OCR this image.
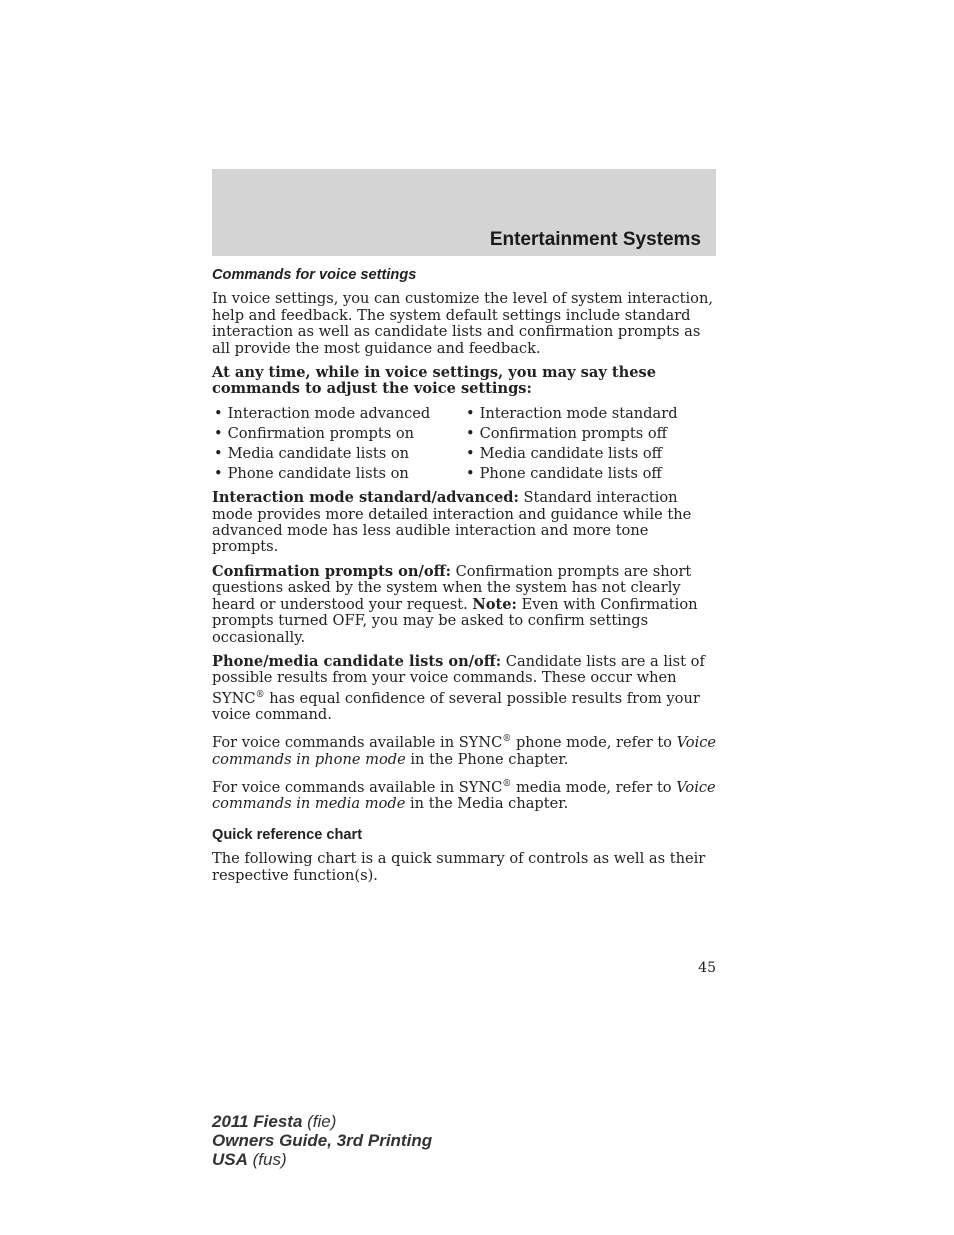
Entertainment Systems
Commands for voice settings

In voice settings, you can customize the level of system interaction, help and feedback. The system default settings include standard interaction as well as candidate lists and confirmation prompts as all provide the most guidance and feedback.

At any time, while in voice settings, you may say these commands to adjust the voice settings:

• Interaction mode advanced	• Interaction mode standard
• Confirmation prompts on	• Confirmation prompts off
• Media candidate lists on	• Media candidate lists off
• Phone candidate lists on	• Phone candidate lists off

Interaction mode standard/advanced: Standard interaction mode provides more detailed interaction and guidance while the advanced mode has less audible interaction and more tone prompts.

Confirmation prompts on/off: Confirmation prompts are short questions asked by the system when the system has not clearly heard or understood your request. Note: Even with Confirmation prompts turned OFF, you may be asked to confirm settings occasionally.

Phone/media candidate lists on/off: Candidate lists are a list of possible results from your voice commands. These occur when SYNC® has equal confidence of several possible results from your voice command.

For voice commands available in SYNC® phone mode, refer to Voice commands in phone mode in the Phone chapter.

For voice commands available in SYNC® media mode, refer to Voice commands in media mode in the Media chapter.

Quick reference chart

The following chart is a quick summary of controls as well as their respective function(s).

45
2011 Fiesta (fie)
Owners Guide, 3rd Printing
USA (fus)
